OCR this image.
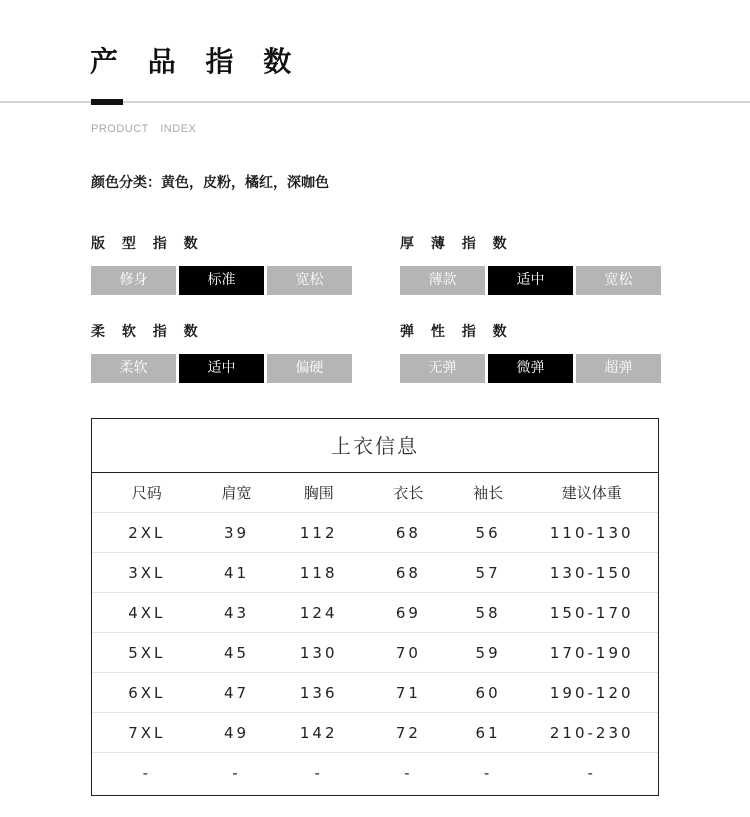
产 品 指 数
PRODUCT INDEX
颜色分类：黄色，皮粉，橘红，深咖色
版 型 指 数
修身	标准	宽松
厚 薄 指 数
薄款	适中	宽松
柔 软 指 数
柔软	适中	偏硬
弹 性 指 数
无弹	微弹	超弹
上衣信息
尺码	肩宽	胸围	衣长	袖长	建议体重
2XL	39	112	68	56	110-130
3XL	41	118	68	57	130-150
4XL	43	124	69	58	150-170
5XL	45	130	70	59	170-190
6XL	47	136	71	60	190-120
7XL	49	142	72	61	210-230
-	-	-	-	-	-
